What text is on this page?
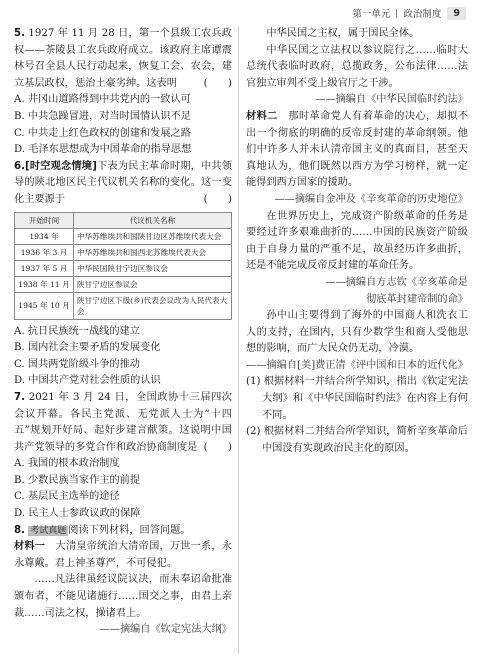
第一单元 政治制度	9

5. 1927 年 11 月 28 日，第一个县级工农兵政权——茶陵县工农兵政府成立。该政府主席谭震林号召全县人民行动起来，恢复工会、农会，建立基层政权，惩治土豪劣绅。这表明	(　　)

A. 井冈山道路得到中共党内的一致认可

B. 中共急躁冒进，对当时国情认识不足

C. 中共走上红色政权的创建和发展之路

D. 毛泽东思想成为中国革命的指导思想

6.[时空观念情境]下表为民主革命时期，中共领导的陕北地区民主代议机关名称的变化。这一变化主要源于	(　　)

开始时间	代议机关名称
1934 年	中华苏维埃共和国陕甘边区苏维埃代表大会
1936 年 3 月	中华苏维埃共和国西北苏维埃代表大会
1937 年 5 月	中华民国陕甘宁边区参议会
1938 年 11 月	陕甘宁边区参议会
1945 年 10 月	陕甘宁边区下级(乡)代表会议改为人民代表大会

A. 抗日民族统一战线的建立

B. 国内社会主要矛盾的发展变化

C. 国共两党阶级斗争的推动

D. 中国共产党对社会性质的认识

7. 2021 年 3 月 24 日，全国政协十三届四次会议开幕。各民主党派、无党派人士为“十四五”规划开好局、起好步建言献策。这说明中国共产党领导的多党合作和政治协商制度是 (　　)

A. 我国的根本政治制度

B. 少数民族当家作主的前提

C. 基层民主选举的途径

D. 民主人士参政议政的保障

8. 考试真题 阅读下列材料，回答问题。

材料一　大清皇帝统治大清帝国，万世一系，永永尊戴。君上神圣尊严，不可侵犯。

……凡法律虽经议院议决，而未奉诏命批准颁布者，不能见诸施行……国交之事，由君上亲裁……司法之权，操诸君上。

——摘编自《钦定宪法大纲》

中华民国之主权，属于国民全体。

中华民国之立法权以参议院行之……临时大总统代表临时政府，总揽政务，公布法律……法官独立审判不受上级官厅之干涉。

——摘编自《中华民国临时约法》

材料二　那时革命党人有着革命的决心，却拟不出一个彻底的明确的反帝反封建的革命纲领。他们中许多人并未认清帝国主义的真面目，甚至天真地认为，他们既然以西方为学习榜样，就一定能得到西方国家的援助。

——摘编自金冲及《辛亥革命的历史地位》

在世界历史上，完成资产阶级革命的任务是要经过许多艰难曲折的……中国的民族资产阶级由于自身力量的严重不足，故虽经历许多曲折，还是不能完成反帝反封建的革命任务。

——摘编自方志钦《辛亥革命是

彻底革封建帝制的命》

孙中山主要得到了海外的中国商人和洗衣工人的支持，在国内，只有少数学生和商人受他思想的影响，而广大民众仍无动，冷漠。

——摘编自[美]费正清《评中国和日本的近代化》

(1) 根据材料一并结合所学知识，指出《钦定宪法大纲》和《中华民国临时约法》在内容上有何不同。

(2) 根据材料二并结合所学知识，简析辛亥革命后中国没有实现政治民主化的原因。
